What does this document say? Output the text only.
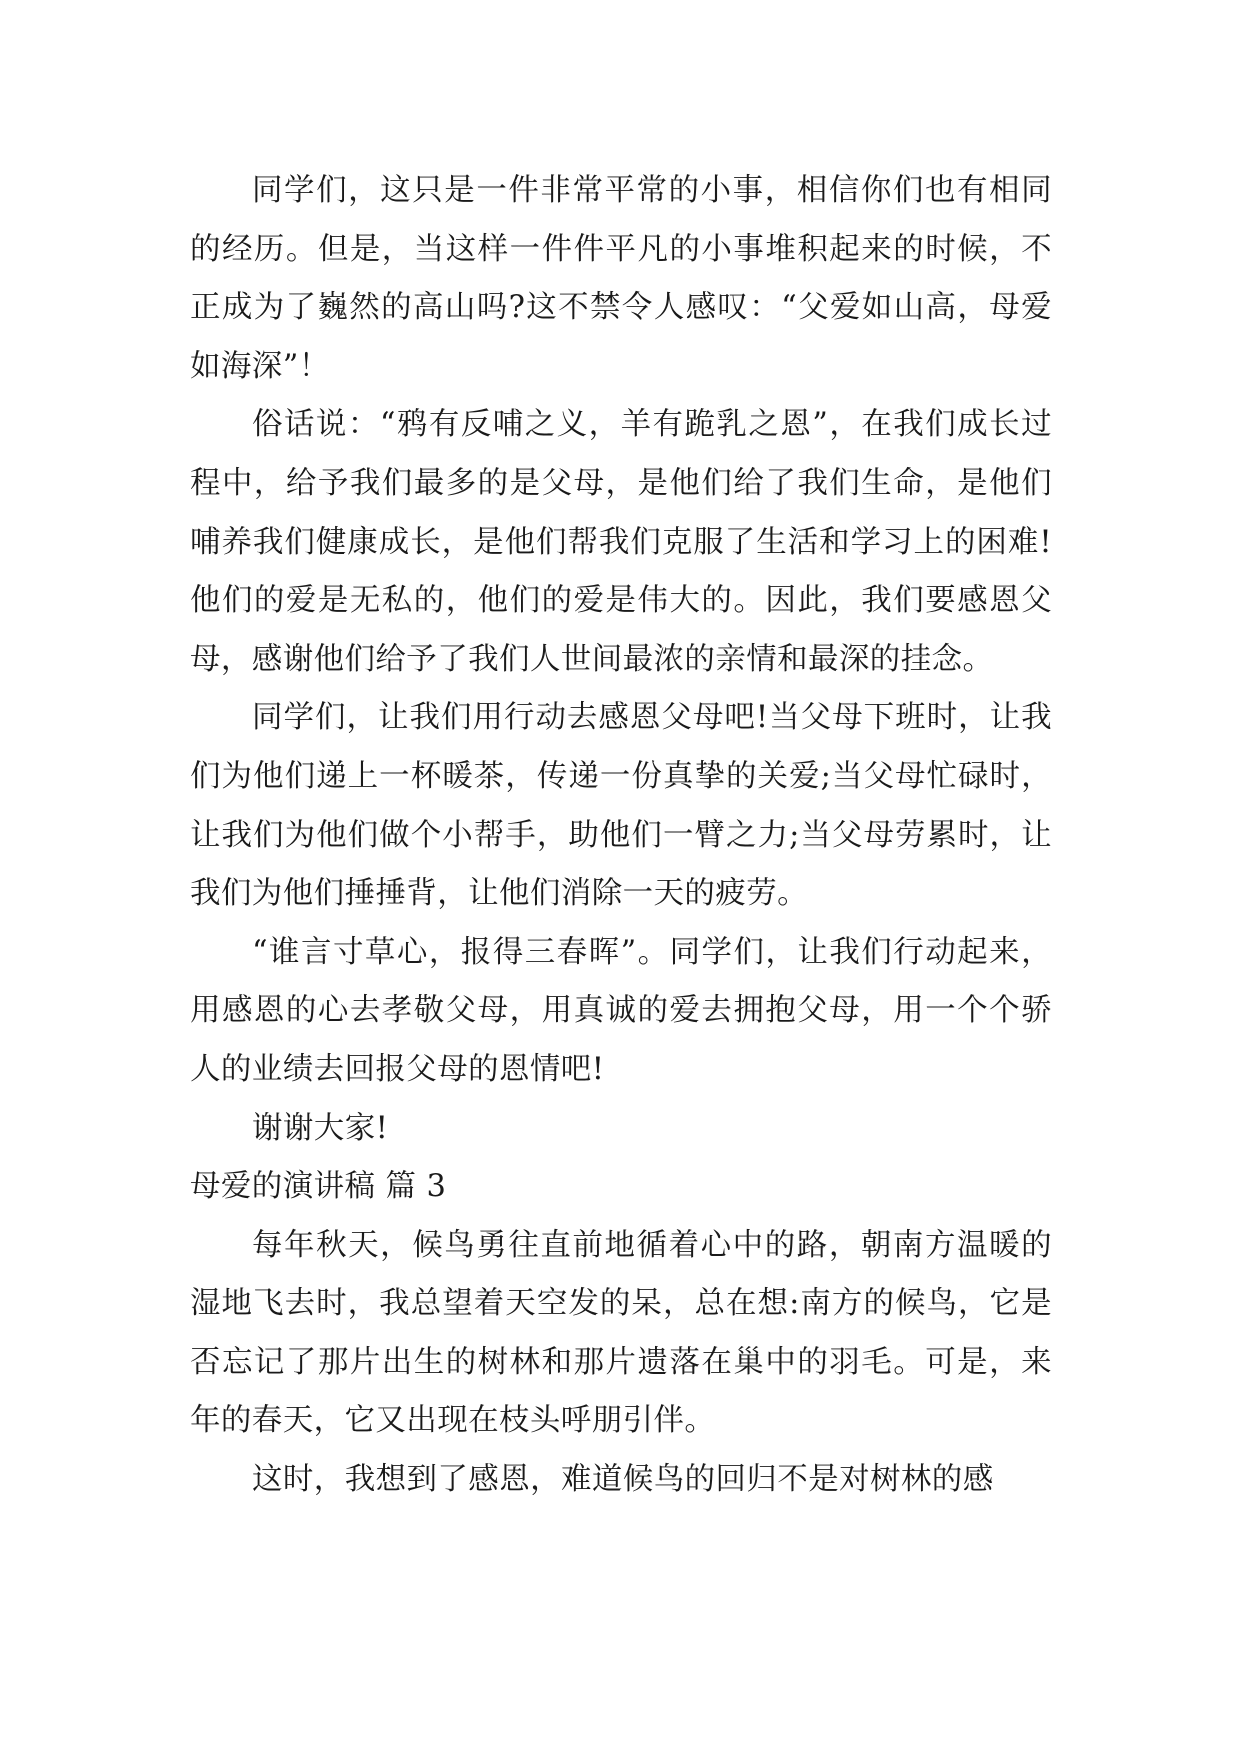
同学们，这只是一件非常平常的小事，相信你们也有相同的经历。但是，当这样一件件平凡的小事堆积起来的时候，不正成为了巍然的高山吗?这不禁令人感叹：“父爱如山高，母爱如海深”！

俗话说：“鸦有反哺之义，羊有跪乳之恩”，在我们成长过程中，给予我们最多的是父母，是他们给了我们生命，是他们哺养我们健康成长，是他们帮我们克服了生活和学习上的困难!他们的爱是无私的，他们的爱是伟大的。因此，我们要感恩父母，感谢他们给予了我们人世间最浓的亲情和最深的挂念。

同学们，让我们用行动去感恩父母吧!当父母下班时，让我们为他们递上一杯暖茶，传递一份真挚的关爱;当父母忙碌时，让我们为他们做个小帮手，助他们一臂之力;当父母劳累时，让我们为他们捶捶背，让他们消除一天的疲劳。

“谁言寸草心，报得三春晖”。同学们，让我们行动起来，用感恩的心去孝敬父母，用真诚的爱去拥抱父母，用一个个骄人的业绩去回报父母的恩情吧!

谢谢大家!

母爱的演讲稿 篇 3

每年秋天，候鸟勇往直前地循着心中的路，朝南方温暖的湿地飞去时，我总望着天空发的呆，总在想:南方的候鸟，它是否忘记了那片出生的树林和那片遗落在巢中的羽毛。可是，来年的春天，它又出现在枝头呼朋引伴。

这时，我想到了感恩，难道候鸟的回归不是对树林的感
